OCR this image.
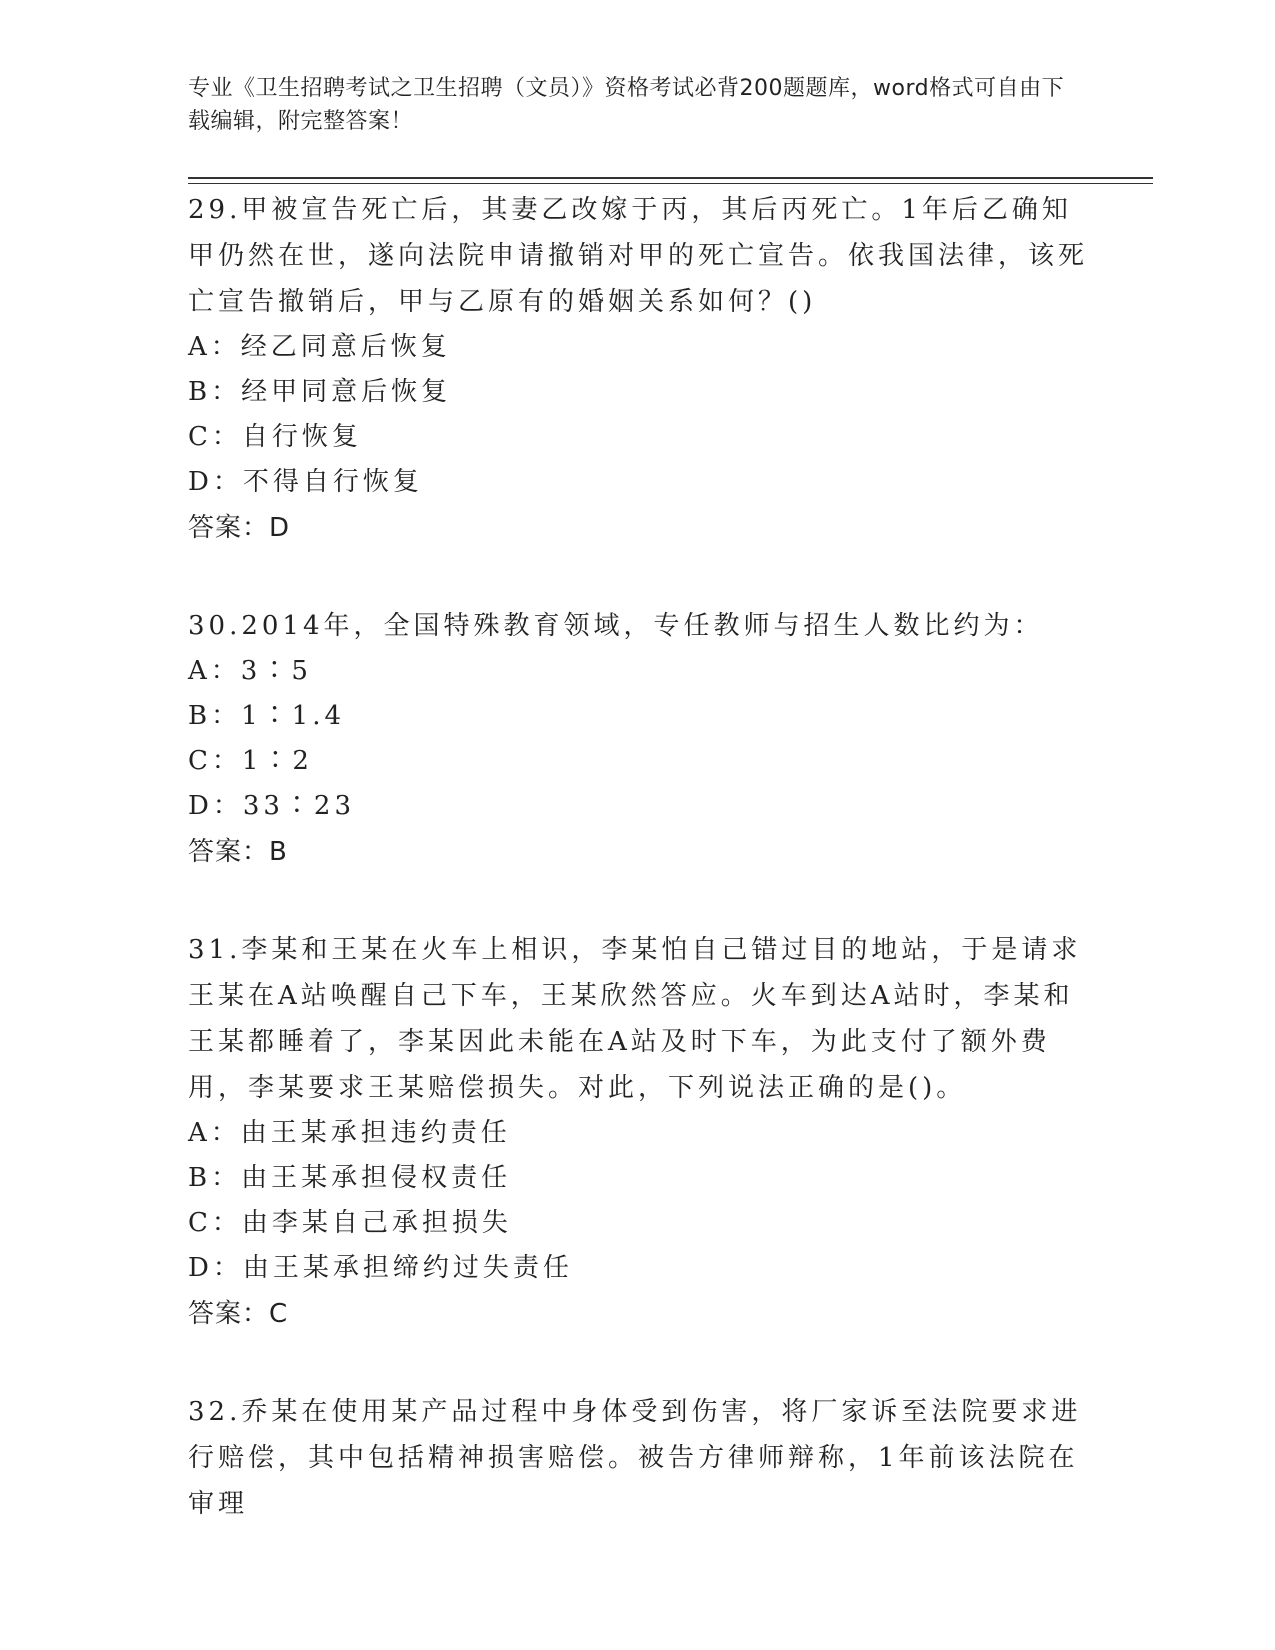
专业《卫生招聘考试之卫生招聘（文员）》资格考试必背200题题库，word格式可自由下载编辑，附完整答案！
29.甲被宣告死亡后，其妻乙改嫁于丙，其后丙死亡。1年后乙确知甲仍然在世，遂向法院申请撤销对甲的死亡宣告。依我国法律，该死亡宣告撤销后，甲与乙原有的婚姻关系如何？()
A：经乙同意后恢复
B：经甲同意后恢复
C：自行恢复
D：不得自行恢复
答案：D
30.2014年，全国特殊教育领域，专任教师与招生人数比约为：
A：3∶5
B：1∶1.4
C：1∶2
D：33∶23
答案：B
31.李某和王某在火车上相识，李某怕自己错过目的地站，于是请求王某在A站唤醒自己下车，王某欣然答应。火车到达A站时，李某和王某都睡着了，李某因此未能在A站及时下车，为此支付了额外费用，李某要求王某赔偿损失。对此，下列说法正确的是()。
A：由王某承担违约责任
B：由王某承担侵权责任
C：由李某自己承担损失
D：由王某承担缔约过失责任
答案：C
32.乔某在使用某产品过程中身体受到伤害，将厂家诉至法院要求进行赔偿，其中包括精神损害赔偿。被告方律师辩称，1年前该法院在审理
